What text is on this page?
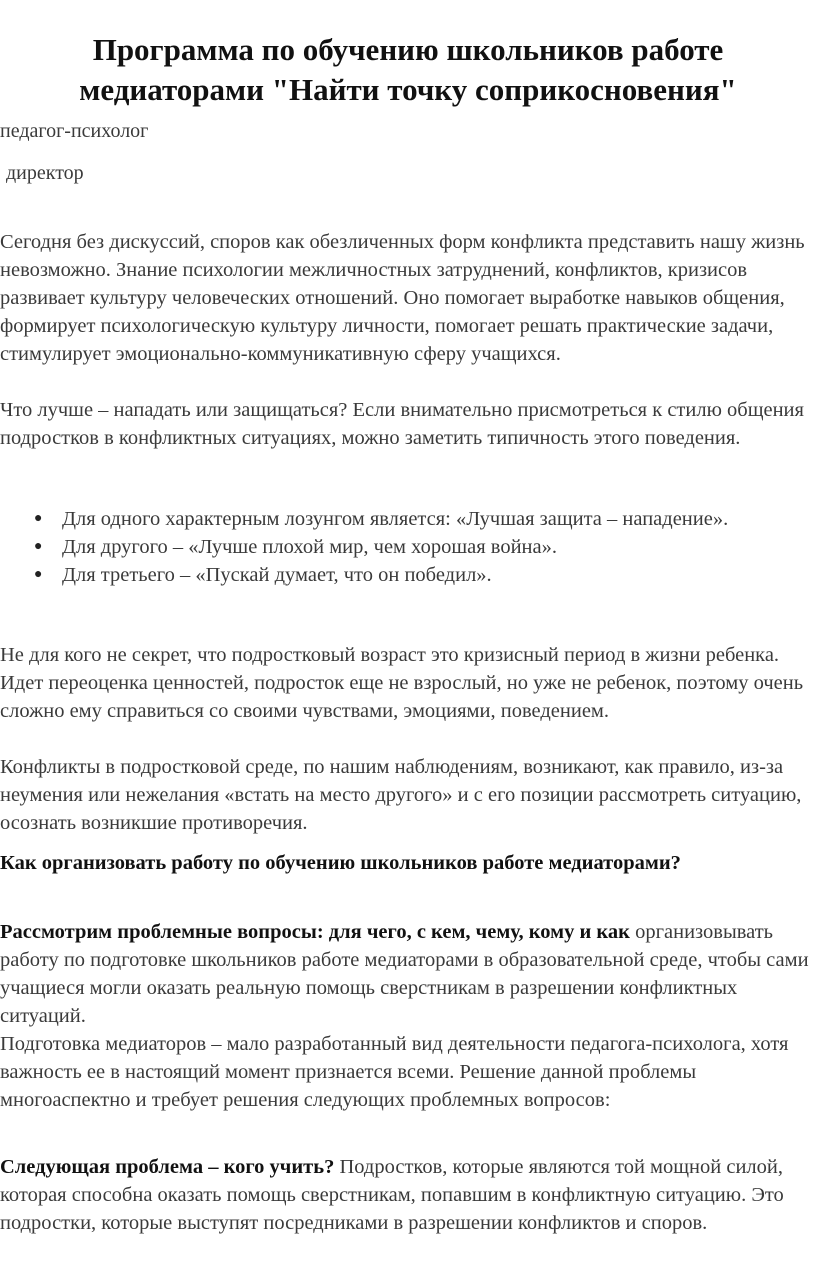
Программа по обучению школьников работе медиаторами "Найти точку соприкосновения"
педагог-психолог
директор

Сегодня без дискуссий, споров как обезличенных форм конфликта представить нашу жизнь невозможно. Знание психологии межличностных затруднений, конфликтов, кризисов развивает культуру человеческих отношений. Оно помогает выработке навыков общения, формирует психологическую культуру личности, помогает решать практические задачи, стимулирует эмоционально-коммуникативную сферу учащихся.

Что лучше – нападать или защищаться? Если внимательно присмотреться к стилю общения подростков в конфликтных ситуациях, можно заметить типичность этого поведения.

● Для одного характерным лозунгом является: «Лучшая защита – нападение».
● Для другого – «Лучше плохой мир, чем хорошая война».
● Для третьего – «Пускай думает, что он победил».

Не для кого не секрет, что подростковый возраст это кризисный период в жизни ребенка. Идет переоценка ценностей, подросток еще не взрослый, но уже не ребенок, поэтому очень сложно ему справиться со своими чувствами, эмоциями, поведением.

Конфликты в подростковой среде, по нашим наблюдениям, возникают, как правило, из-за неумения или нежелания «встать на место другого» и с его позиции рассмотреть ситуацию, осознать возникшие противоречия.

Как организовать работу по обучению школьников работе медиаторами?

Рассмотрим проблемные вопросы: для чего, с кем, чему, кому и как организовывать работу по подготовке школьников работе медиаторами в образовательной среде, чтобы сами учащиеся могли оказать реальную помощь сверстникам в разрешении конфликтных ситуаций.

Подготовка медиаторов – мало разработанный вид деятельности педагога-психолога, хотя важность ее в настоящий момент признается всеми. Решение данной проблемы многоаспектно и требует решения следующих проблемных вопросов:

Следующая проблема – кого учить? Подростков, которые являются той мощной силой, которая способна оказать помощь сверстникам, попавшим в конфликтную ситуацию. Это подростки, которые выступят посредниками в разрешении конфликтов и споров.
